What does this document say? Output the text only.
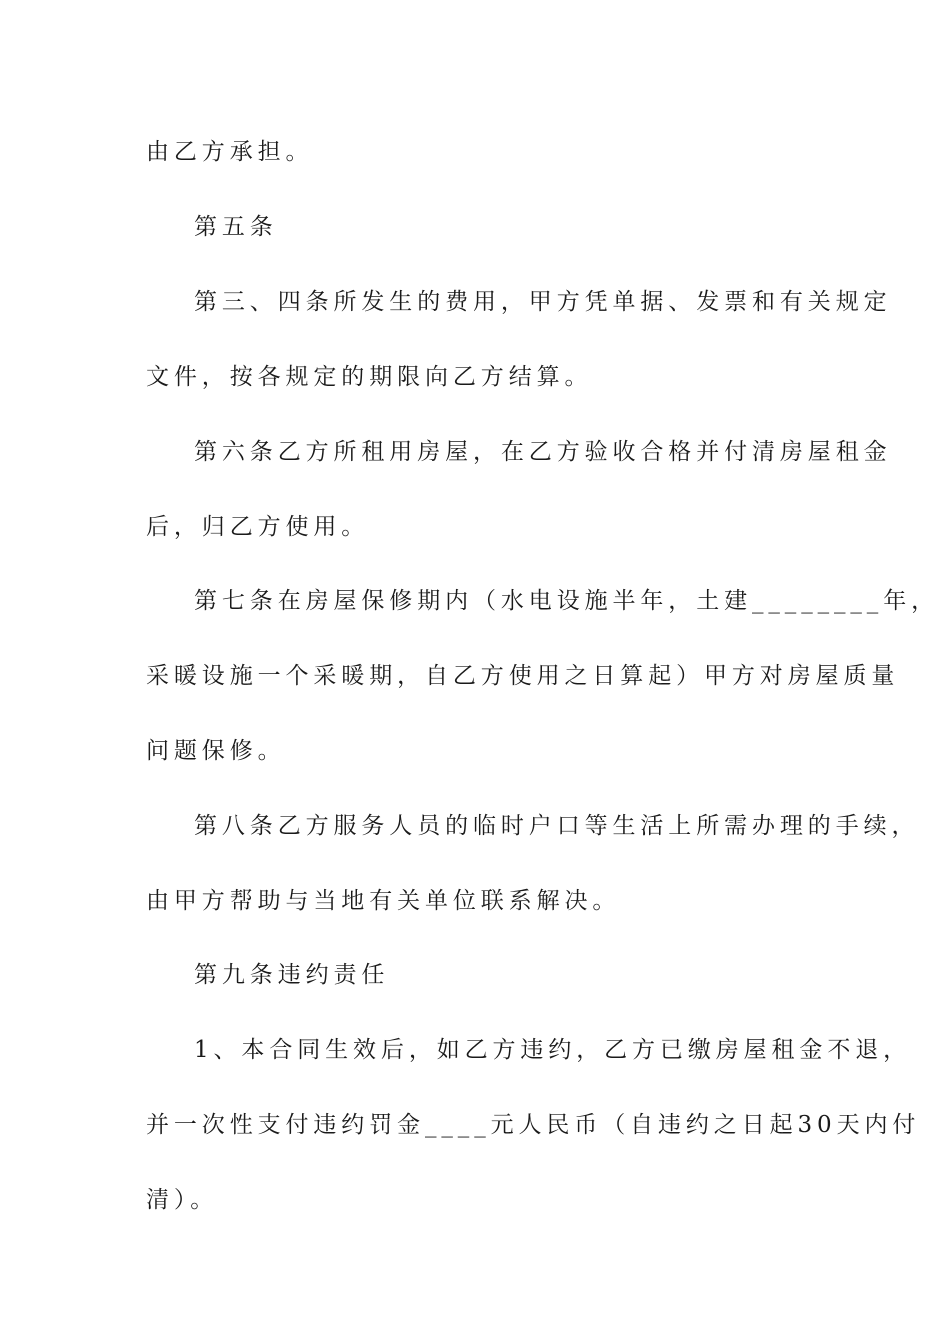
由乙方承担。
第五条
第三、四条所发生的费用，甲方凭单据、发票和有关规定
文件，按各规定的期限向乙方结算。
第六条乙方所租用房屋，在乙方验收合格并付清房屋租金
后，归乙方使用。
第七条在房屋保修期内（水电设施半年，土建________年，
采暖设施一个采暖期，自乙方使用之日算起）甲方对房屋质量
问题保修。
第八条乙方服务人员的临时户口等生活上所需办理的手续，
由甲方帮助与当地有关单位联系解决。
第九条违约责任
1、本合同生效后，如乙方违约，乙方已缴房屋租金不退，
并一次性支付违约罚金____元人民币（自违约之日起30天内付
清）。
